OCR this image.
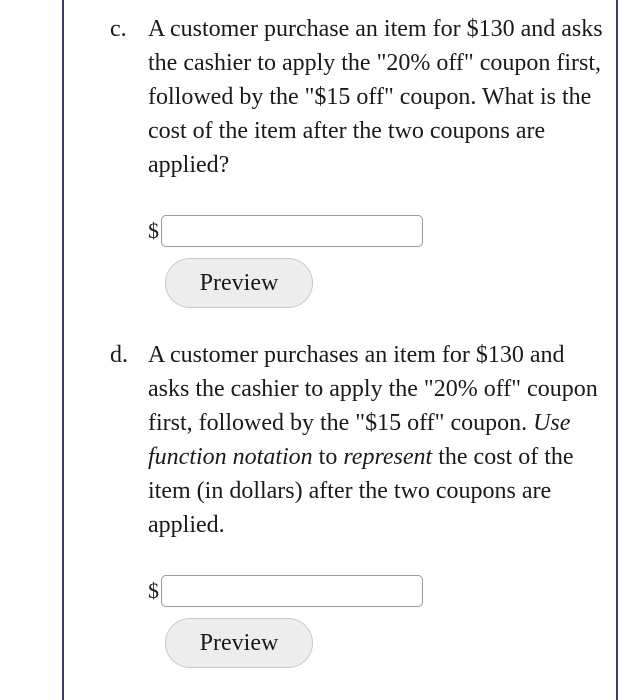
c. A customer purchase an item for $130 and asks the cashier to apply the "20% off" coupon first, followed by the "$15 off" coupon. What is the cost of the item after the two coupons are applied?
$
Preview
d. A customer purchases an item for $130 and asks the cashier to apply the "20% off" coupon first, followed by the "$15 off" coupon. Use function notation to represent the cost of the item (in dollars) after the two coupons are applied.
$
Preview
